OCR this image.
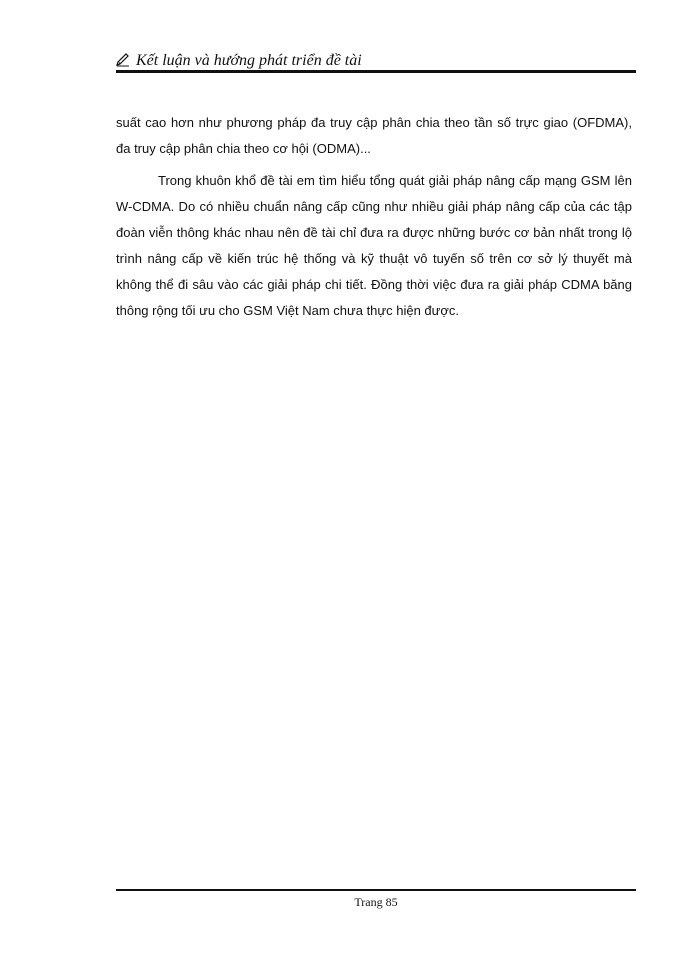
Kết luận và hướng phát triển đề tài

suất cao hơn như phương pháp đa truy cập phân chia theo tần số trực giao (OFDMA), đa truy cập phân chia theo cơ hội (ODMA)...

Trong khuôn khổ đề tài em tìm hiểu tổng quát giải pháp nâng cấp mạng GSM lên W-CDMA. Do có nhiều chuẩn nâng cấp cũng như nhiều giải pháp nâng cấp của các tập đoàn viễn thông khác nhau nên đề tài chỉ đưa ra được những bước cơ bản nhất trong lộ trình nâng cấp về kiến trúc hệ thống và kỹ thuật vô tuyến số trên cơ sở lý thuyết mà không thể đi sâu vào các giải pháp chi tiết. Đồng thời việc đưa ra giải pháp CDMA băng thông rộng tối ưu cho GSM Việt Nam chưa thực hiện được.

Trang 85
